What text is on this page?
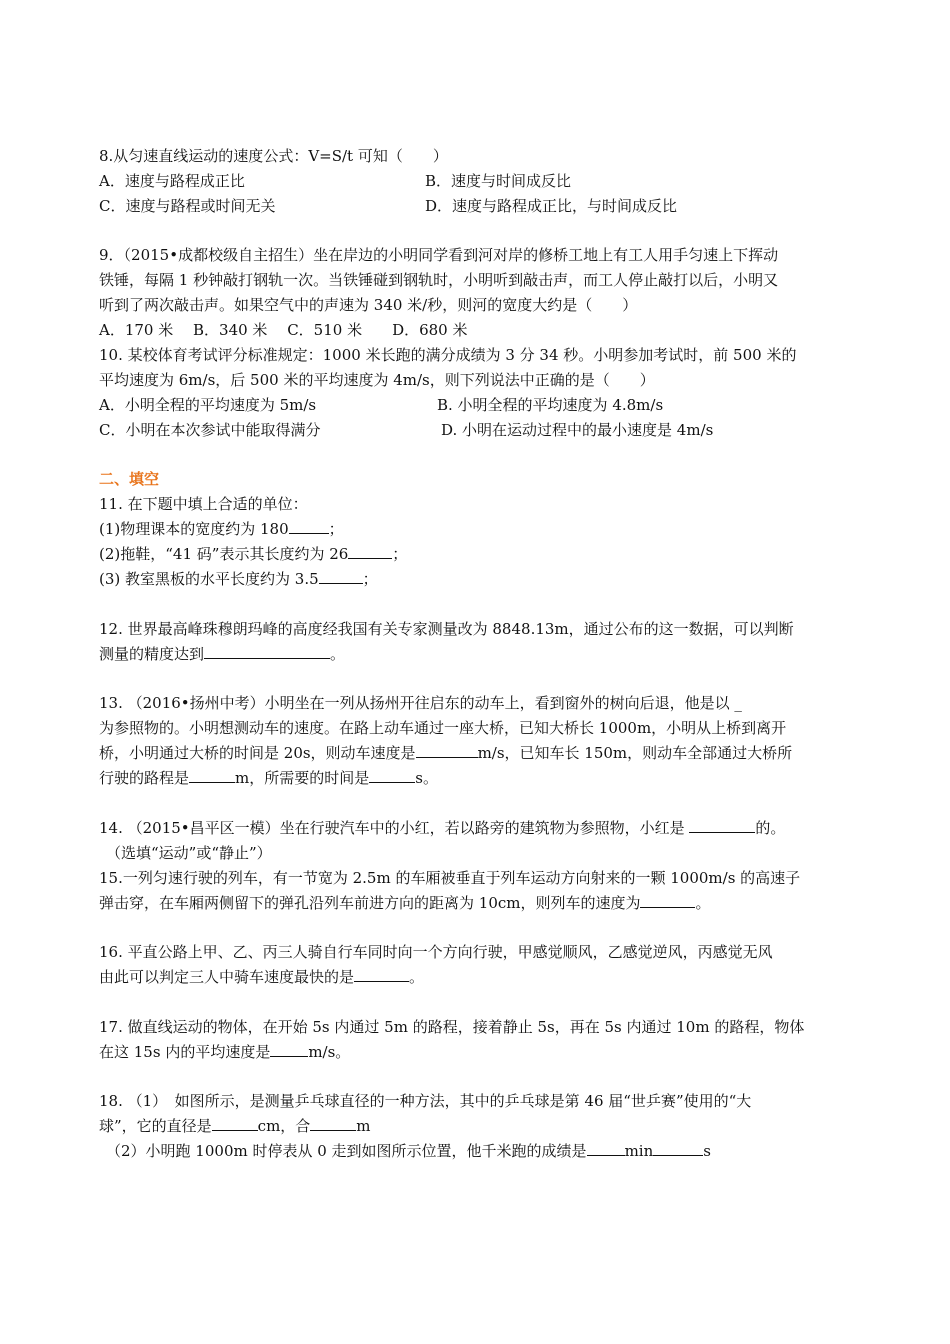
8.从匀速直线运动的速度公式：V=S/t 可知（　　）
A．速度与路程成正比	B．速度与时间成反比
C．速度与路程或时间无关	D．速度与路程成正比，与时间成反比
9．（2015•成都校级自主招生）坐在岸边的小明同学看到河对岸的修桥工地上有工人用手匀速上下挥动
铁锤，每隔 1 秒钟敲打钢轨一次。当铁锤碰到钢轨时，小明听到敲击声，而工人停止敲打以后，小明又
听到了两次敲击声。如果空气中的声速为 340 米/秒，则河的宽度大约是（　　）
A．170 米　 B．340 米　 C．510 米　　D．680 米
10. 某校体育考试评分标准规定：1000 米长跑的满分成绩为 3 分 34 秒。小明参加考试时，前 500 米的
平均速度为 6m/s，后 500 米的平均速度为 4m/s，则下列说法中正确的是（　　）
A．小明全程的平均速度为 5m/s	B. 小明全程的平均速度为 4.8m/s
C．小明在本次参试中能取得满分	D. 小明在运动过程中的最小速度是 4m/s
二、填空
11. 在下题中填上合适的单位：
(1)物理课本的宽度约为 180	；
(2)拖鞋，“41 码”表示其长度约为 26	；
(3) 教室黑板的水平长度约为 3.5	；
12. 世界最高峰珠穆朗玛峰的高度经我国有关专家测量改为 8848.13m，通过公布的这一数据，可以判断
测量的精度达到	。
13. （2016•扬州中考）小明坐在一列从扬州开往启东的动车上，看到窗外的树向后退，他是以 _
为参照物的。小明想测动车的速度。在路上动车通过一座大桥，已知大桥长 1000m，小明从上桥到离开
桥，小明通过大桥的时间是 20s，则动车速度是	m/s，已知车长 150m，则动车全部通过大桥所
行驶的路程是	m，所需要的时间是	s。
14. （2015•昌平区一模）坐在行驶汽车中的小红，若以路旁的建筑物为参照物，小红是	的。
（选填“运动”或“静止”）
15.一列匀速行驶的列车，有一节宽为 2.5m 的车厢被垂直于列车运动方向射来的一颗 1000m/s 的高速子
弹击穿，在车厢两侧留下的弹孔沿列车前进方向的距离为 10cm，则列车的速度为	。
16. 平直公路上甲、乙、丙三人骑自行车同时向一个方向行驶，甲感觉顺风，乙感觉逆风，丙感觉无风
由此可以判定三人中骑车速度最快的是	。
17. 做直线运动的物体，在开始 5s 内通过 5m 的路程，接着静止 5s，再在 5s 内通过 10m 的路程，物体
在这 15s 内的平均速度是	m/s。
18. （1）　如图所示，是测量乒乓球直径的一种方法，其中的乒乓球是第 46 届“世乒赛”使用的“大
球”，它的直径是	cm，合	m
（2）小明跑 1000m 时停表从 0 走到如图所示位置，他千米跑的成绩是	min	s
